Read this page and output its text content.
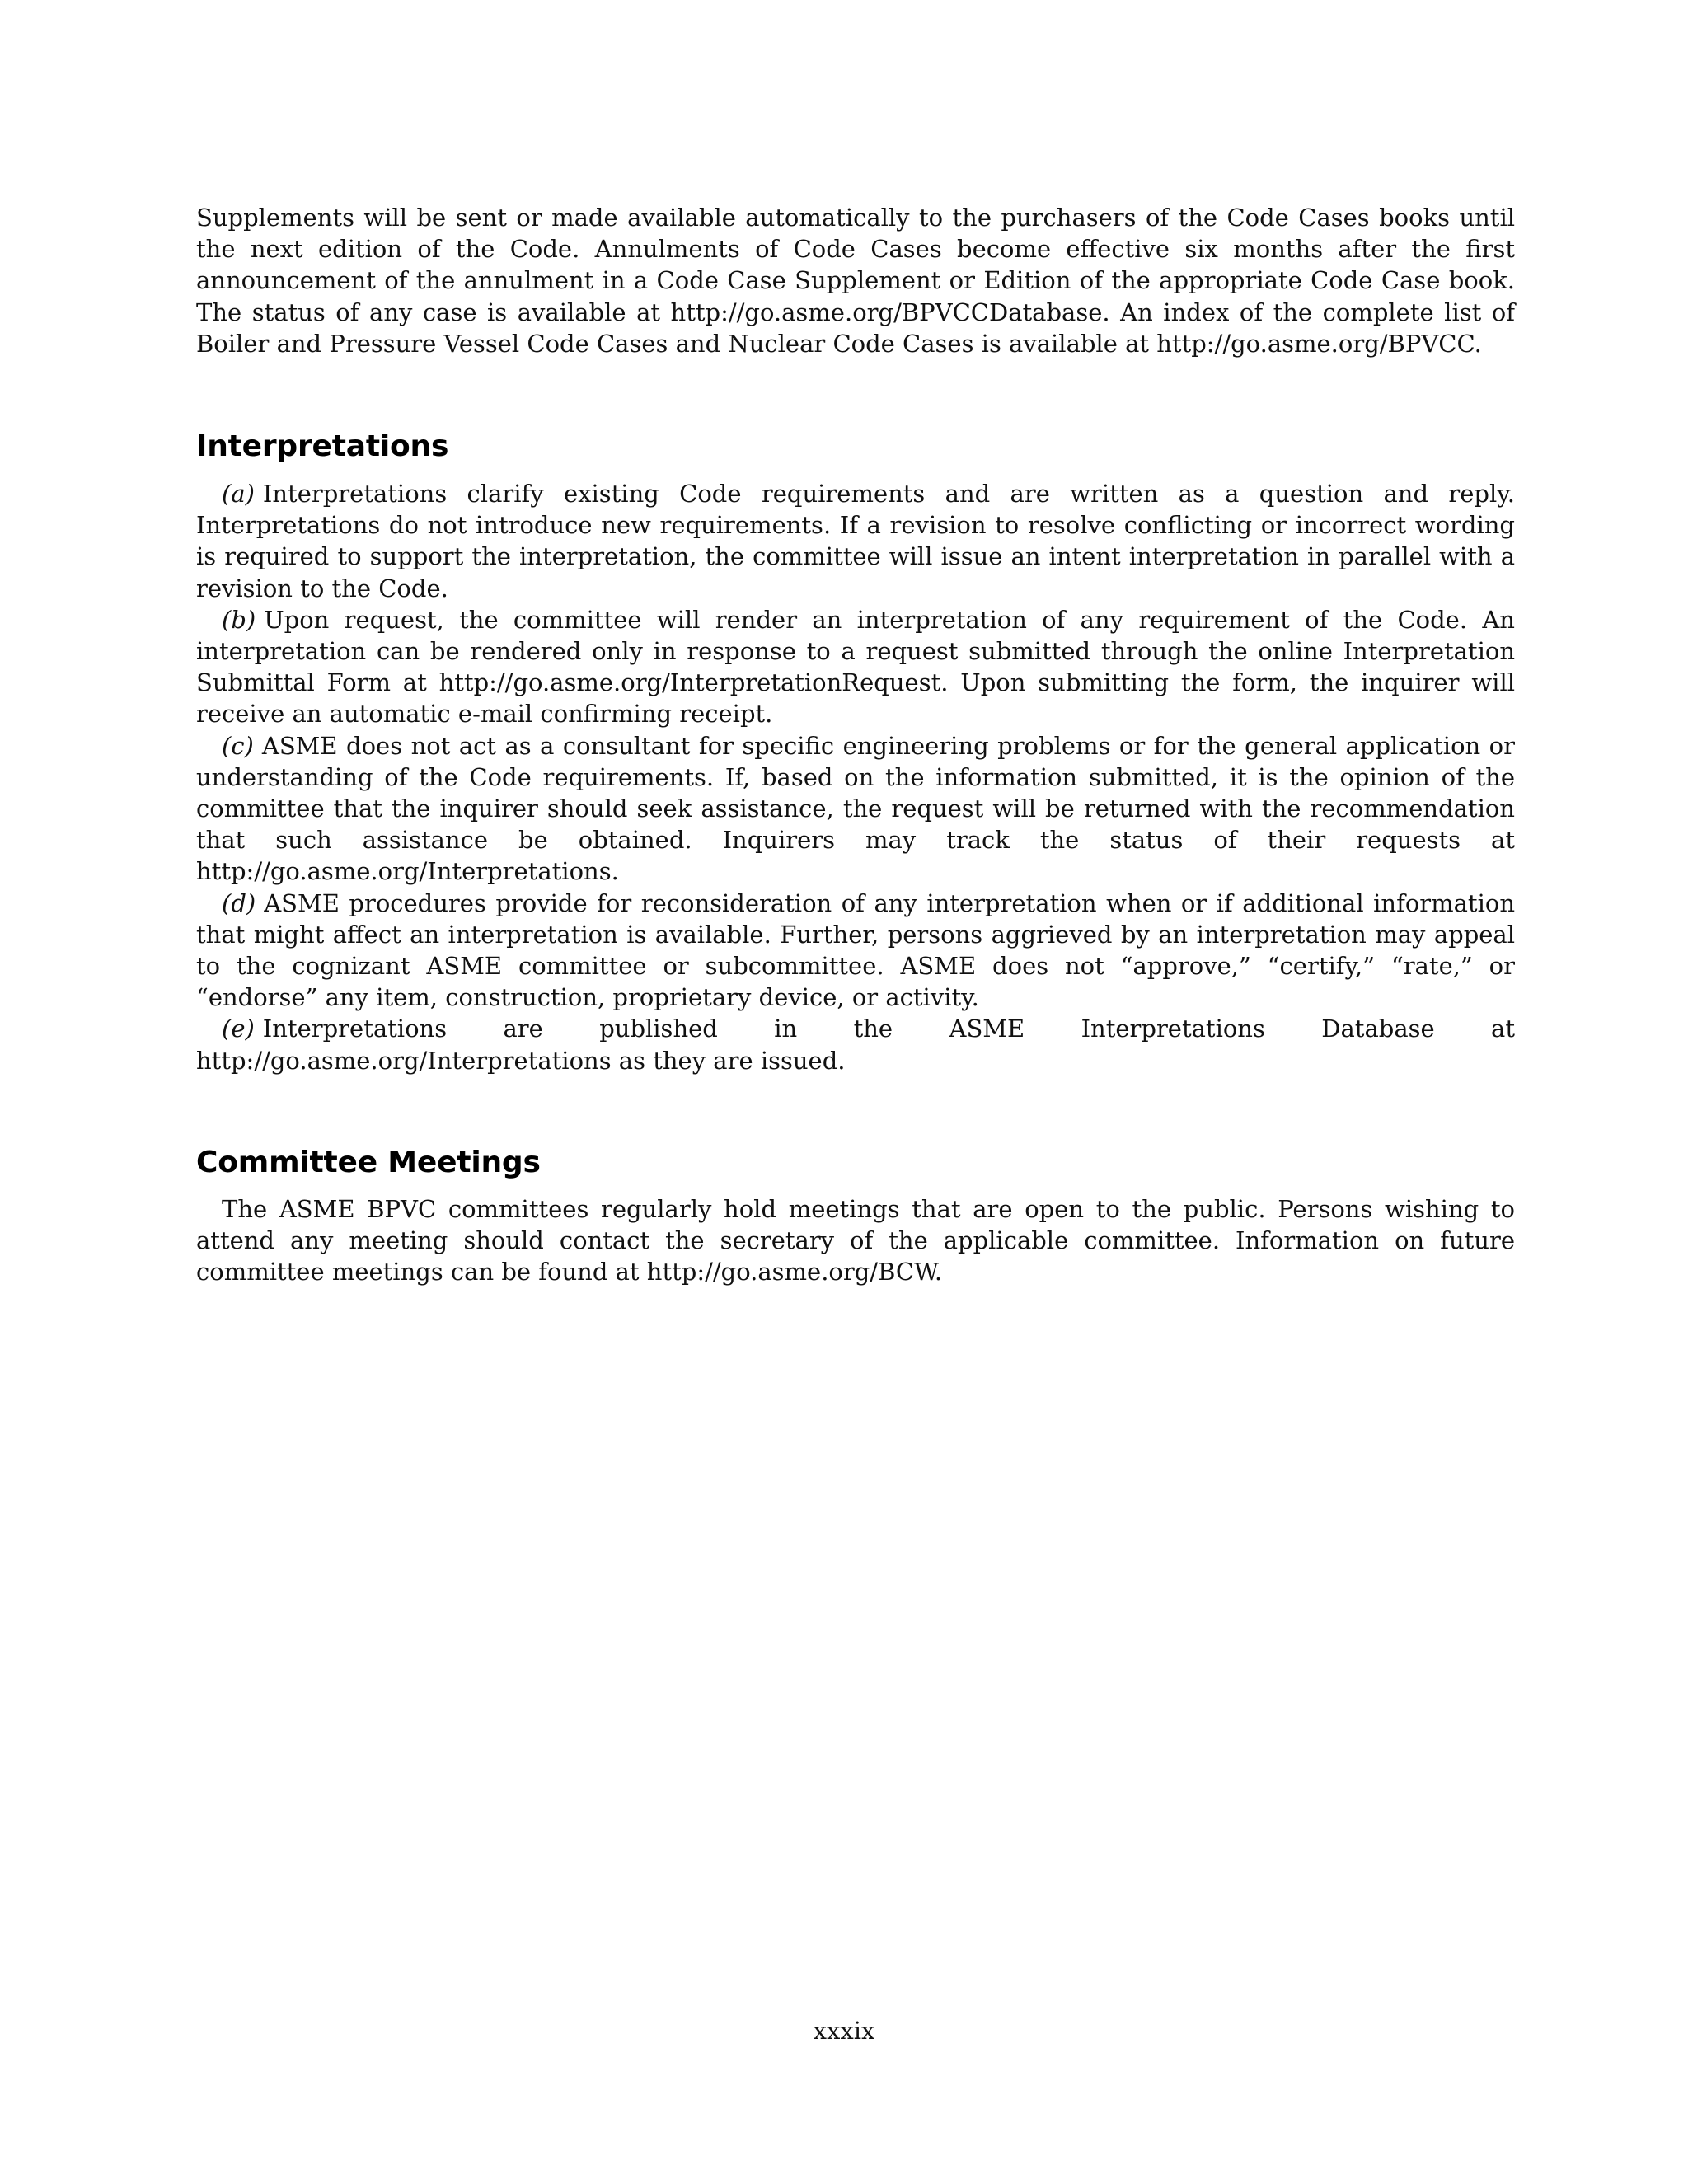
Supplements will be sent or made available automatically to the purchasers of the Code Cases books until the next edition of the Code. Annulments of Code Cases become effective six months after the first announcement of the annulment in a Code Case Supplement or Edition of the appropriate Code Case book. The status of any case is available at http://go.asme.org/BPVCCDatabase. An index of the complete list of Boiler and Pressure Vessel Code Cases and Nuclear Code Cases is available at http://go.asme.org/BPVCC.

Interpretations

(a) Interpretations clarify existing Code requirements and are written as a question and reply. Interpretations do not introduce new requirements. If a revision to resolve conflicting or incorrect wording is required to support the interpretation, the committee will issue an intent interpretation in parallel with a revision to the Code.

(b) Upon request, the committee will render an interpretation of any requirement of the Code. An interpretation can be rendered only in response to a request submitted through the online Interpretation Submittal Form at http://go.asme.org/InterpretationRequest. Upon submitting the form, the inquirer will receive an automatic e-mail confirming receipt.

(c) ASME does not act as a consultant for specific engineering problems or for the general application or understanding of the Code requirements. If, based on the information submitted, it is the opinion of the committee that the inquirer should seek assistance, the request will be returned with the recommendation that such assistance be obtained. Inquirers may track the status of their requests at http://go.asme.org/Interpretations.

(d) ASME procedures provide for reconsideration of any interpretation when or if additional information that might affect an interpretation is available. Further, persons aggrieved by an interpretation may appeal to the cognizant ASME committee or subcommittee. ASME does not “approve,” “certify,” “rate,” or “endorse” any item, construction, proprietary device, or activity.

(e) Interpretations are published in the ASME Interpretations Database at http://go.asme.org/Interpretations as they are issued.

Committee Meetings

The ASME BPVC committees regularly hold meetings that are open to the public. Persons wishing to attend any meeting should contact the secretary of the applicable committee. Information on future committee meetings can be found at http://go.asme.org/BCW.

xxxix
